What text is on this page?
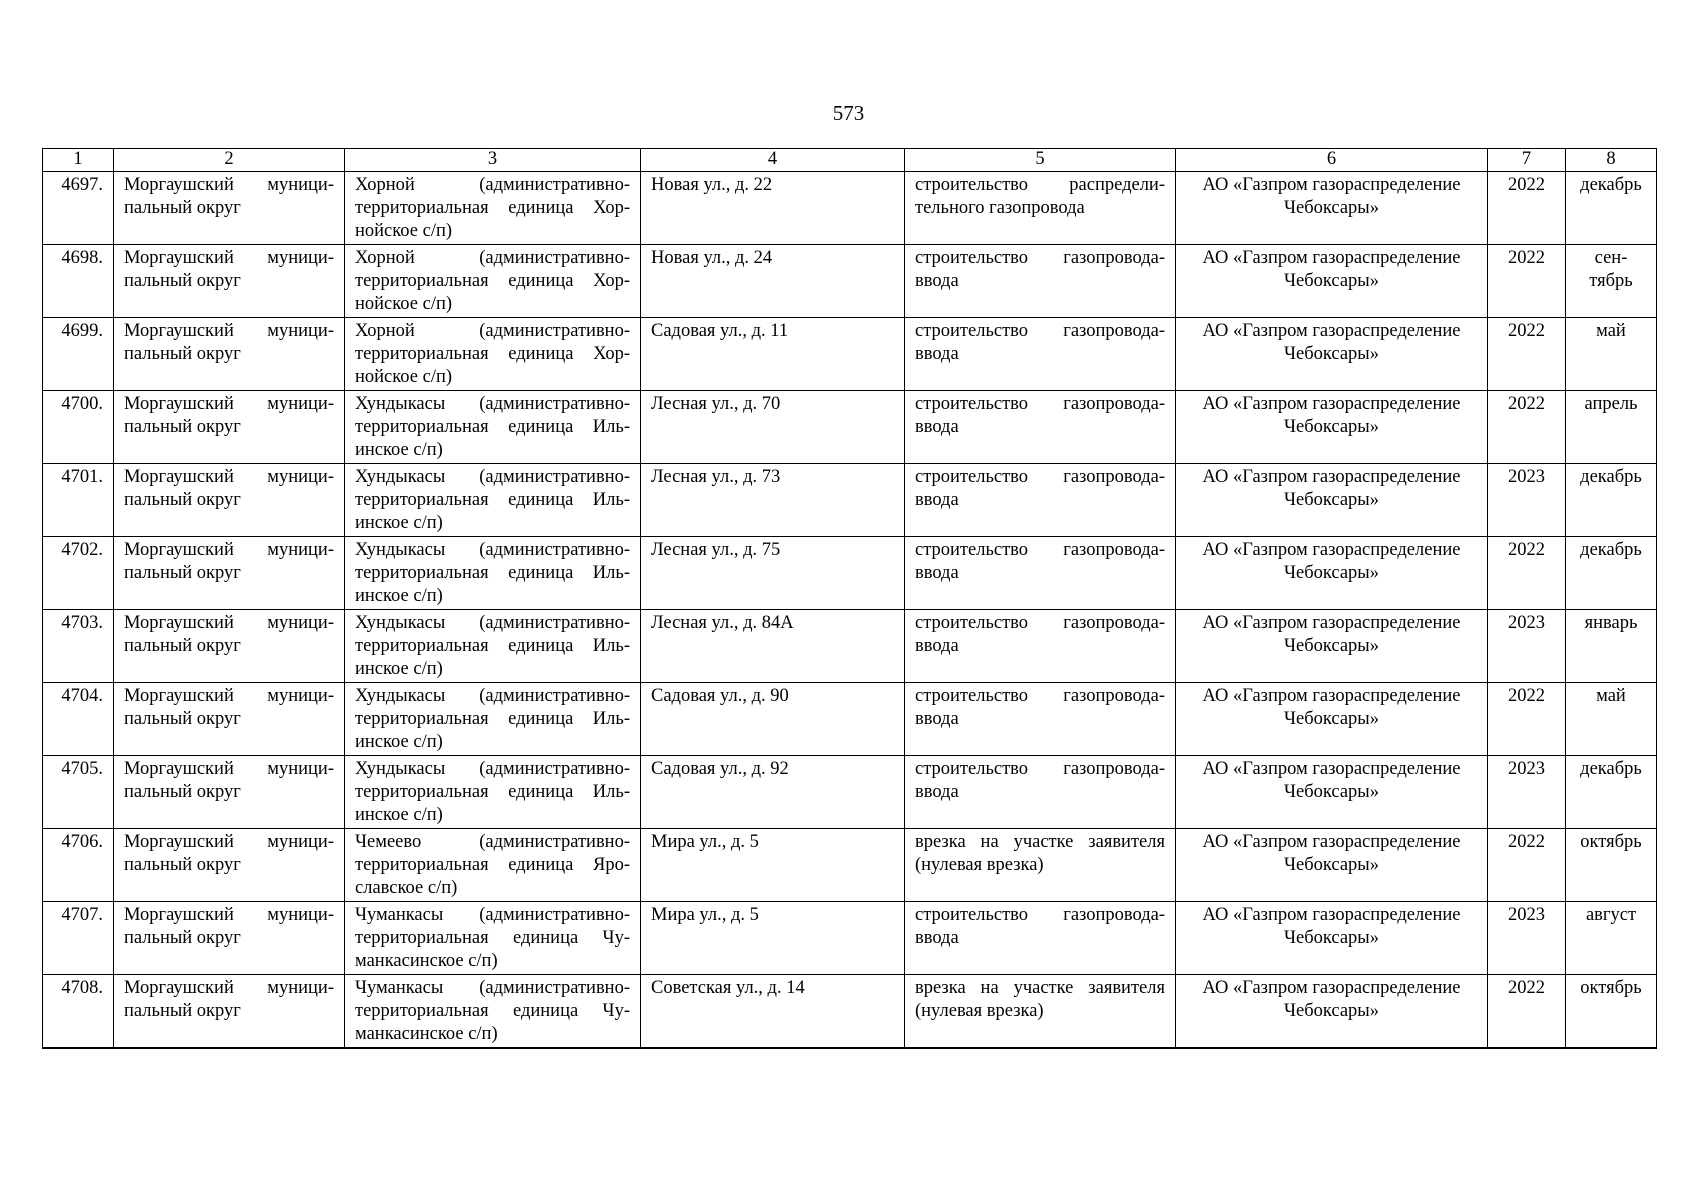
573
1	2	3	4	5	6	7	8
4697.	Моргаушский муници-пальный округ	Хорной (административно-территориальная единица Хор-нойское с/п)	Новая ул., д. 22	строительство распредели-тельного газопровода	АО «Газпром газораспределение Чебоксары»	2022	декабрь
4698.	Моргаушский муници-пальный округ	Хорной (административно-территориальная единица Хор-нойское с/п)	Новая ул., д. 24	строительство газопровода-ввода	АО «Газпром газораспределение Чебоксары»	2022	сен-тябрь
4699.	Моргаушский муници-пальный округ	Хорной (административно-территориальная единица Хор-нойское с/п)	Садовая ул., д. 11	строительство газопровода-ввода	АО «Газпром газораспределение Чебоксары»	2022	май
4700.	Моргаушский муници-пальный округ	Хундыкасы (административно-территориальная единица Иль-инское с/п)	Лесная ул., д. 70	строительство газопровода-ввода	АО «Газпром газораспределение Чебоксары»	2022	апрель
4701.	Моргаушский муници-пальный округ	Хундыкасы (административно-территориальная единица Иль-инское с/п)	Лесная ул., д. 73	строительство газопровода-ввода	АО «Газпром газораспределение Чебоксары»	2023	декабрь
4702.	Моргаушский муници-пальный округ	Хундыкасы (административно-территориальная единица Иль-инское с/п)	Лесная ул., д. 75	строительство газопровода-ввода	АО «Газпром газораспределение Чебоксары»	2022	декабрь
4703.	Моргаушский муници-пальный округ	Хундыкасы (административно-территориальная единица Иль-инское с/п)	Лесная ул., д. 84А	строительство газопровода-ввода	АО «Газпром газораспределение Чебоксары»	2023	январь
4704.	Моргаушский муници-пальный округ	Хундыкасы (административно-территориальная единица Иль-инское с/п)	Садовая ул., д. 90	строительство газопровода-ввода	АО «Газпром газораспределение Чебоксары»	2022	май
4705.	Моргаушский муници-пальный округ	Хундыкасы (административно-территориальная единица Иль-инское с/п)	Садовая ул., д. 92	строительство газопровода-ввода	АО «Газпром газораспределение Чебоксары»	2023	декабрь
4706.	Моргаушский муници-пальный округ	Чемеево (административно-территориальная единица Яро-славское с/п)	Мира ул., д. 5	врезка на участке заявителя (нулевая врезка)	АО «Газпром газораспределение Чебоксары»	2022	октябрь
4707.	Моргаушский муници-пальный округ	Чуманкасы (административно-территориальная единица Чу-манкасинское с/п)	Мира ул., д. 5	строительство газопровода-ввода	АО «Газпром газораспределение Чебоксары»	2023	август
4708.	Моргаушский муници-пальный округ	Чуманкасы (административно-территориальная единица Чу-манкасинское с/п)	Советская ул., д. 14	врезка на участке заявителя (нулевая врезка)	АО «Газпром газораспределение Чебоксары»	2022	октябрь
